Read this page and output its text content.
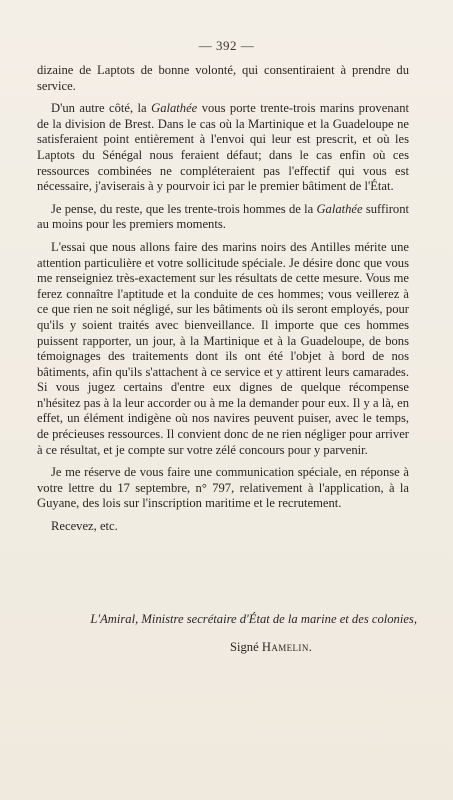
— 392 —

dizaine de Laptots de bonne volonté, qui consentiraient à prendre du service.

D'un autre côté, la Galathée vous porte trente-trois marins provenant de la division de Brest. Dans le cas où la Martinique et la Guadeloupe ne satisferaient point entièrement à l'envoi qui leur est prescrit, et où les Laptots du Sénégal nous feraient défaut; dans le cas enfin où ces ressources combinées ne compléteraient pas l'effectif qui vous est nécessaire, j'aviserais à y pourvoir ici par le premier bâtiment de l'État.

Je pense, du reste, que les trente-trois hommes de la Galathée suffiront au moins pour les premiers moments.

L'essai que nous allons faire des marins noirs des Antilles mérite une attention particulière et votre sollicitude spéciale. Je désire donc que vous me renseigniez très-exactement sur les résultats de cette mesure. Vous me ferez connaître l'aptitude et la conduite de ces hommes; vous veillerez à ce que rien ne soit négligé, sur les bâtiments où ils seront employés, pour qu'ils y soient traités avec bienveillance. Il importe que ces hommes puissent rapporter, un jour, à la Martinique et à la Guadeloupe, de bons témoignages des traitements dont ils ont été l'objet à bord de nos bâtiments, afin qu'ils s'attachent à ce service et y attirent leurs camarades. Si vous jugez certains d'entre eux dignes de quelque récompense n'hésitez pas à la leur accorder ou à me la demander pour eux. Il y a là, en effet, un élément indigène où nos navires peuvent puiser, avec le temps, de précieuses ressources. Il convient donc de ne rien négliger pour arriver à ce résultat, et je compte sur votre zélé concours pour y parvenir.

Je me réserve de vous faire une communication spéciale, en réponse à votre lettre du 17 septembre, n° 797, relativement à l'application, à la Guyane, des lois sur l'inscription maritime et le recrutement.

Recevez, etc.

L'Amiral, Ministre secrétaire d'État de la marine et des colonies,
Signé Hamelin.
